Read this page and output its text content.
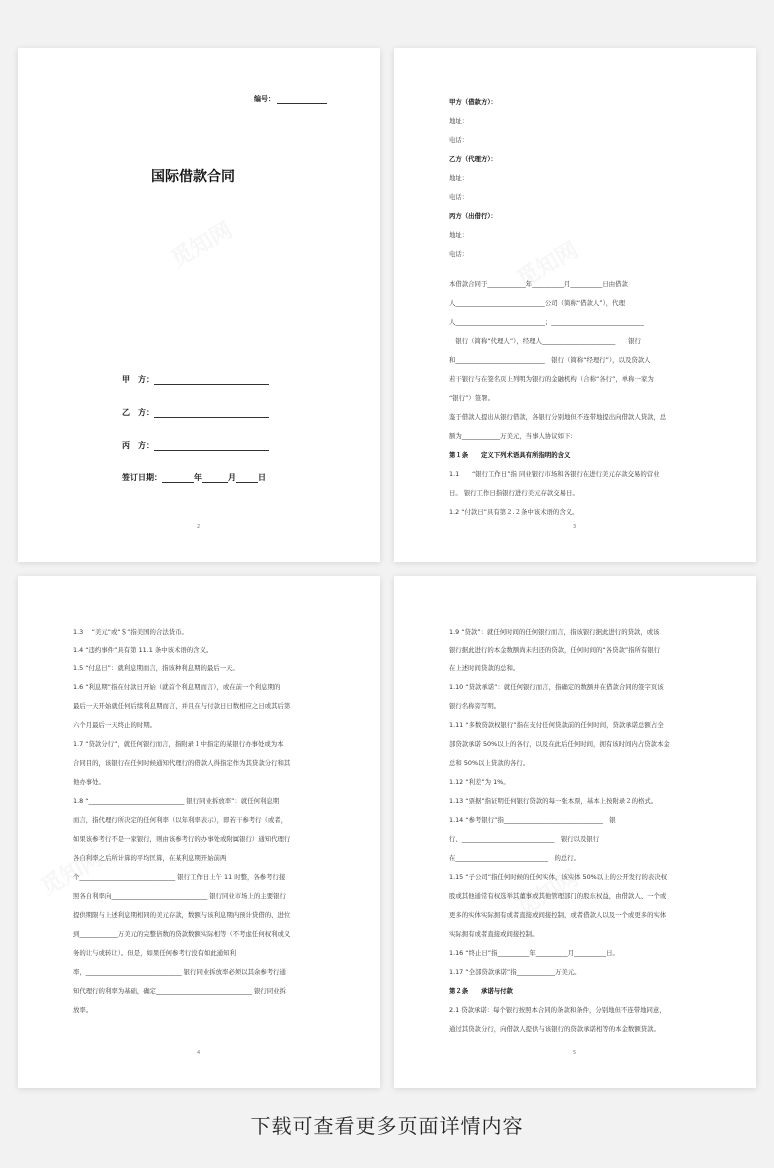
编号：
国际借款合同
甲　方：
乙　方：
丙　方：
签订日期：	年	月	日
2
甲方（借款方）：
地址：
电话：
乙方（代理方）：
地址：
电话：
丙方（出借行）：
地址：
电话：
本借款合同于____________年__________月__________日由借款
人____________________________公司（简称“借款人”），代理
人____________________________；_____________________________
　银行（简称“代理人”），经理人_______________________　　银行
和____________________________　银行（简称“经理行”），以及贷款人
若干银行与在签名页上列明为银行的金融机构（合称“各行”，单称一家为
“银行”）签署。
鉴于借款人提出从银行借款，各银行分别地但不连带地提出向借款人贷款，总
额为____________万美元，当事人协议如下:
第１条　　定义下列术语具有所指明的含义
1.1　　“银行工作日”指 同业银行市场和各银行在进行美元存款交易的营业
日。 银行工作日指银行进行美元存款交易日。
1.2 “付款日”具有第２.２条中该术语的含义。
3
1.3　 “美元”或“＄”指美国的合法货币。
1.4 “违约事件”具有第 11.1 条中该术语的含义。
1.5 “付息日”：就利息期而言，指该种利息期的最后一天。
1.6 “利息期”指在付款日开始（就首个利息期而言），或在前一个利息期的
最后一天开始就任何后续利息期而言，并且在与付款日日数相应之日或其后第
六个月最后一天终止的时期。
1.7 “贷款分行”，就任何银行而言，指附录１中指定的某银行办事处或为本
合同目的，该银行在任何时候通知代理行的借款人得指定作为其贷款分行和其
他办事处。
1.8 “______________________________ 银行同业拆放率”：就任何利息期
而言，指代理行所决定的任何利率（以年利率表示），即若干参考行（或者，
如果该参考行不是一家银行，则由该参考行的办事处或附属银行）通知代理行
各自利率之后所计算的平均匡算，在某利息期开始前两
个______________________________ 银行工作日上午 11 时整，各参考行接
照各自利率向______________________________ 银行同业市场上的主要银行
提供期限与上述利息期相同的美元存款，数额与该利息期内预计贷借的、进位
到____________万美元的完整倍数的贷款数额实际相等（不考虑任何权利或义
务的让与或转让）。但是，如果任何参考行没有如此通知利
率，______________________________ 银行同业拆放率必须以其余参考行通
知代理行的利率为基础，确定______________________________ 银行同业拆
放率。
4
1.9 “贷款”：就任何时间的任何银行而言，指该银行据此进行的贷款，或该
银行据此进行的本金数额尚未归还的贷款，任何时间的“各贷款”指所有银行
在上述时间贷款的总和。
1.10 “贷款承诺”：就任何银行而言，指确定的数额并在借款合同的签字页该
银行名称旁写明。
1.11 “多数贷款权银行”指在支付任何贷款前的任何时间，贷款承诺总额占全
部贷款承诺 50%以上的各行，以及在此后任何时间，拥有该时间内占贷款本金
总和 50%以上贷款的各行。
1.12 “利差”为 1%。
1.13 “票据”指证明任何银行贷款的每一张本票，基本上按附录２的格式。
1.14 “参考银行”指_______________________________　银
行、_____________________________　银行以及银行
在_____________________________　的总行。
1.15 “子公司”指任何时候的任何实体，该实体 50%以上的公开发行的表决权
股或其他通常有权选举其董事或其他管理部门的股东权益，由借款人、一个或
更多的实体实际拥有或者直接或间接控制，或者借款人以及一个或更多的实体
实际拥有或者直接或间接控制。
1.16 “终止日”指__________年__________月__________日。
1.17 “全部贷款承诺”指____________万美元。
第２条　　承诺与付款
2.1 贷款承诺：每个银行按照本合同的条款和条件，分别地但不连带地同意，
通过其贷款分行，向借款人提供与该银行的贷款承诺相等的本金数额贷款。
5
下载可查看更多页面详情内容
